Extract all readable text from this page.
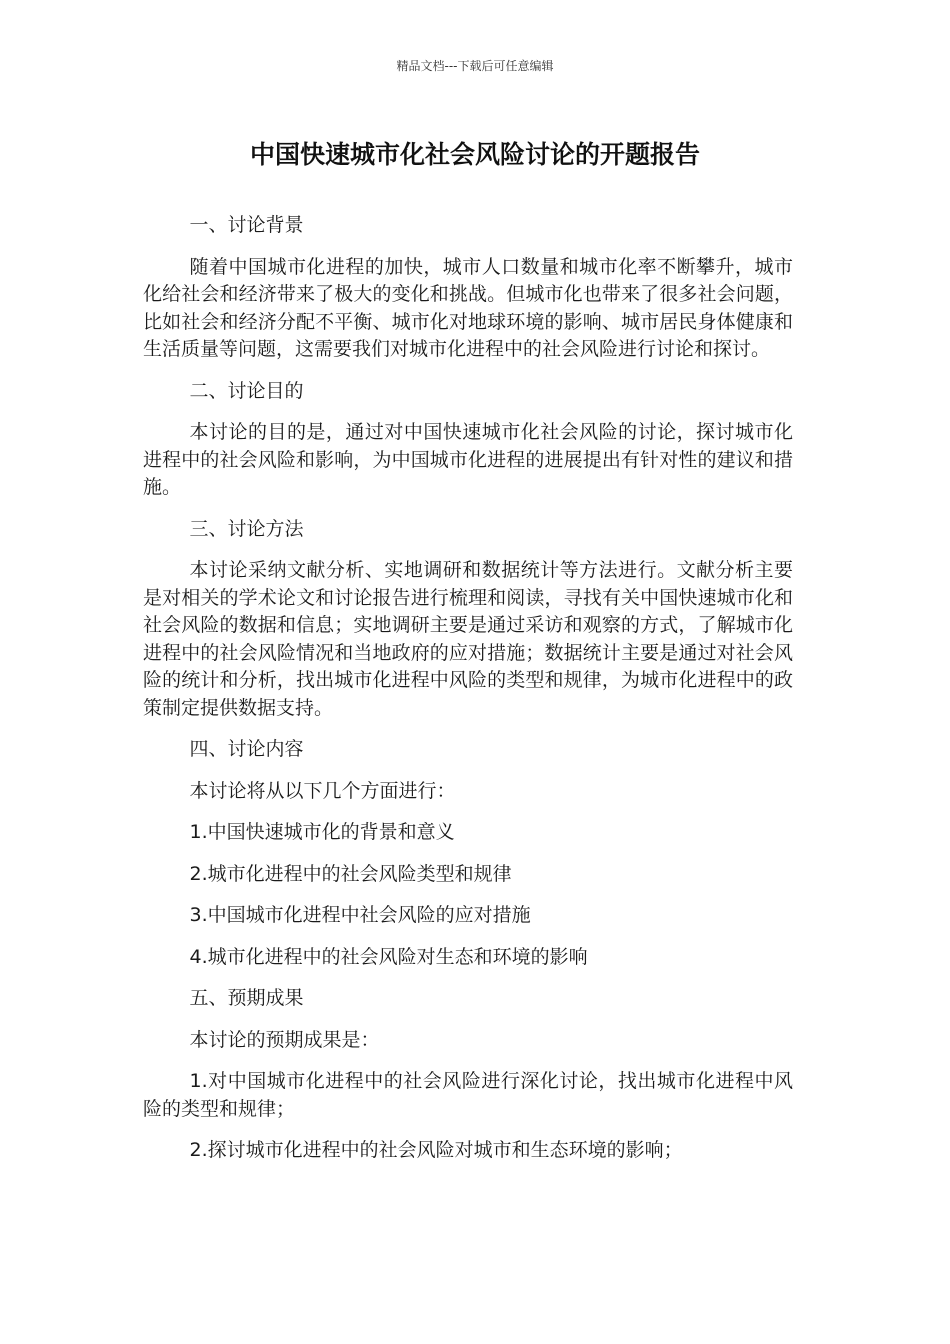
精品文档---下载后可任意编辑
中国快速城市化社会风险讨论的开题报告

一、讨论背景

随着中国城市化进程的加快，城市人口数量和城市化率不断攀升，城市化给社会和经济带来了极大的变化和挑战。但城市化也带来了很多社会问题，比如社会和经济分配不平衡、城市化对地球环境的影响、城市居民身体健康和生活质量等问题，这需要我们对城市化进程中的社会风险进行讨论和探讨。

二、讨论目的

本讨论的目的是，通过对中国快速城市化社会风险的讨论，探讨城市化进程中的社会风险和影响，为中国城市化进程的进展提出有针对性的建议和措施。

三、讨论方法

本讨论采纳文献分析、实地调研和数据统计等方法进行。文献分析主要是对相关的学术论文和讨论报告进行梳理和阅读，寻找有关中国快速城市化和社会风险的数据和信息；实地调研主要是通过采访和观察的方式，了解城市化进程中的社会风险情况和当地政府的应对措施；数据统计主要是通过对社会风险的统计和分析，找出城市化进程中风险的类型和规律，为城市化进程中的政策制定提供数据支持。

四、讨论内容

本讨论将从以下几个方面进行：

1.中国快速城市化的背景和意义

2.城市化进程中的社会风险类型和规律

3.中国城市化进程中社会风险的应对措施

4.城市化进程中的社会风险对生态和环境的影响

五、预期成果

本讨论的预期成果是：

1.对中国城市化进程中的社会风险进行深化讨论，找出城市化进程中风险的类型和规律；

2.探讨城市化进程中的社会风险对城市和生态环境的影响；
